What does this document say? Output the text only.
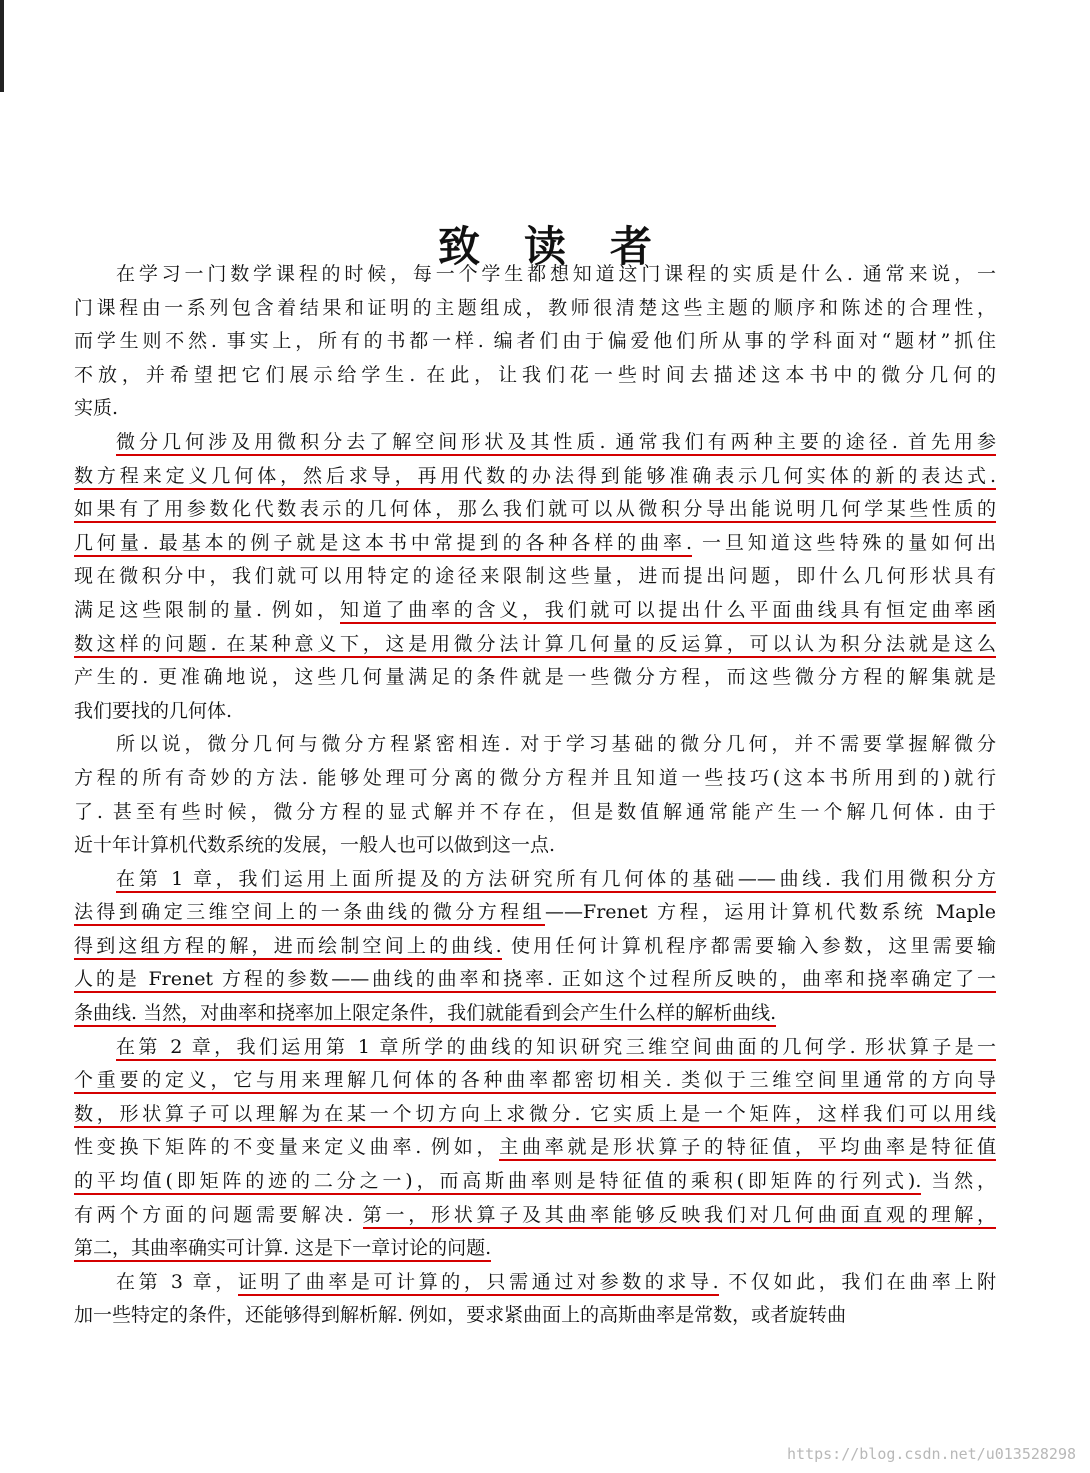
致读者
在学习一门数学课程的时候，每一个学生都想知道这门课程的实质是什么. 通常来说，一
门课程由一系列包含着结果和证明的主题组成，教师很清楚这些主题的顺序和陈述的合理性，
而学生则不然. 事实上，所有的书都一样. 编者们由于偏爱他们所从事的学科面对“题材”抓住
不放，并希望把它们展示给学生. 在此，让我们花一些时间去描述这本书中的微分几何的
实质.
微分几何涉及用微积分去了解空间形状及其性质. 通常我们有两种主要的途径. 首先用参
数方程来定义几何体，然后求导，再用代数的办法得到能够准确表示几何实体的新的表达式.
如果有了用参数化代数表示的几何体，那么我们就可以从微积分导出能说明几何学某些性质的
几何量. 最基本的例子就是这本书中常提到的各种各样的曲率. 一旦知道这些特殊的量如何出
现在微积分中，我们就可以用特定的途径来限制这些量，进而提出问题，即什么几何形状具有
满足这些限制的量. 例如，知道了曲率的含义，我们就可以提出什么平面曲线具有恒定曲率函
数这样的问题. 在某种意义下，这是用微分法计算几何量的反运算，可以认为积分法就是这么
产生的. 更准确地说，这些几何量满足的条件就是一些微分方程，而这些微分方程的解集就是
我们要找的几何体.
所以说，微分几何与微分方程紧密相连. 对于学习基础的微分几何，并不需要掌握解微分
方程的所有奇妙的方法. 能够处理可分离的微分方程并且知道一些技巧(这本书所用到的)就行
了. 甚至有些时候，微分方程的显式解并不存在，但是数值解通常能产生一个解几何体. 由于
近十年计算机代数系统的发展，一般人也可以做到这一点.
在第 1 章，我们运用上面所提及的方法研究所有几何体的基础——曲线. 我们用微积分方
法得到确定三维空间上的一条曲线的微分方程组——Frenet 方程，运用计算机代数系统 Maple
得到这组方程的解，进而绘制空间上的曲线. 使用任何计算机程序都需要输入参数，这里需要输
人的是 Frenet 方程的参数——曲线的曲率和挠率. 正如这个过程所反映的，曲率和挠率确定了一
条曲线. 当然，对曲率和挠率加上限定条件，我们就能看到会产生什么样的解析曲线.
在第 2 章，我们运用第 1 章所学的曲线的知识研究三维空间曲面的几何学. 形状算子是一
个重要的定义，它与用来理解几何体的各种曲率都密切相关. 类似于三维空间里通常的方向导
数，形状算子可以理解为在某一个切方向上求微分. 它实质上是一个矩阵，这样我们可以用线
性变换下矩阵的不变量来定义曲率. 例如，主曲率就是形状算子的特征值，平均曲率是特征值
的平均值(即矩阵的迹的二分之一)，而高斯曲率则是特征值的乘积(即矩阵的行列式). 当然，
有两个方面的问题需要解决. 第一，形状算子及其曲率能够反映我们对几何曲面直观的理解，
第二，其曲率确实可计算. 这是下一章讨论的问题.
在第 3 章，证明了曲率是可计算的，只需通过对参数的求导. 不仅如此，我们在曲率上附
加一些特定的条件，还能够得到解析解. 例如，要求紧曲面上的高斯曲率是常数，或者旋转曲
https://blog.csdn.net/u013528298
